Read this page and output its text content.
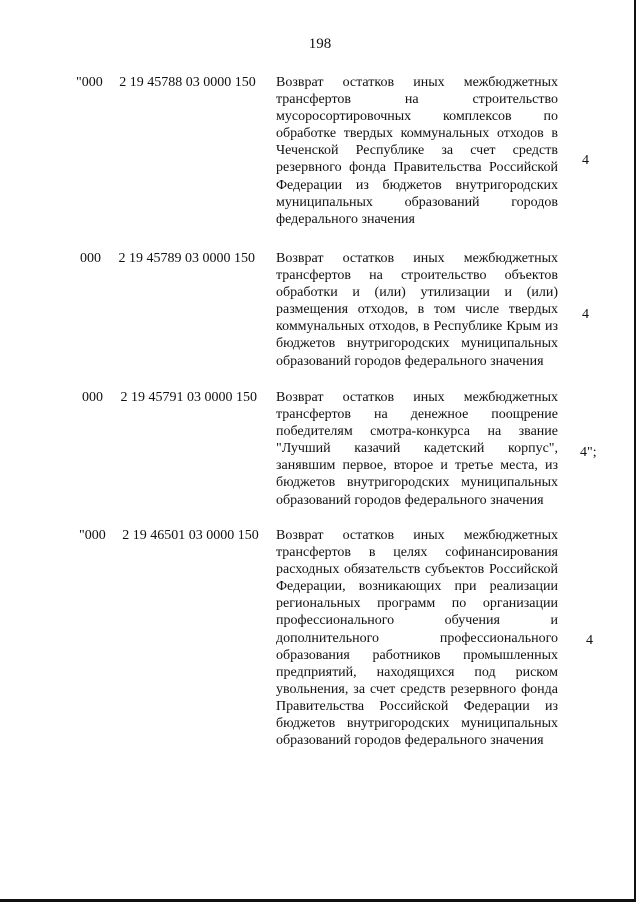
198
"000 2 19 45788 03 0000 150 Возврат остатков иных межбюджетных трансфертов на строительство мусоросортировочных комплексов по обработке твердых коммунальных отходов в Чеченской Республике за счет средств резервного фонда Правительства Российской Федерации из бюджетов внутригородских муниципальных образований городов федерального значения
4
000 2 19 45789 03 0000 150 Возврат остатков иных межбюджетных трансфертов на строительство объектов обработки и (или) утилизации и (или) размещения отходов, в том числе твердых коммунальных отходов, в Республике Крым из бюджетов внутригородских муниципальных образований городов федерального значения
4
000 2 19 45791 03 0000 150 Возврат остатков иных межбюджетных трансфертов на денежное поощрение победителям смотра-конкурса на звание "Лучший казачий кадетский корпус", занявшим первое, второе и третье места, из бюджетов внутригородских муниципальных образований городов федерального значения
4";
"000 2 19 46501 03 0000 150 Возврат остатков иных межбюджетных трансфертов в целях софинансирования расходных обязательств субъектов Российской Федерации, возникающих при реализации региональных программ по организации профессионального обучения и дополнительного профессионального образования работников промышленных предприятий, находящихся под риском увольнения, за счет средств резервного фонда Правительства Российской Федерации из бюджетов внутригородских муниципальных образований городов федерального значения
4
